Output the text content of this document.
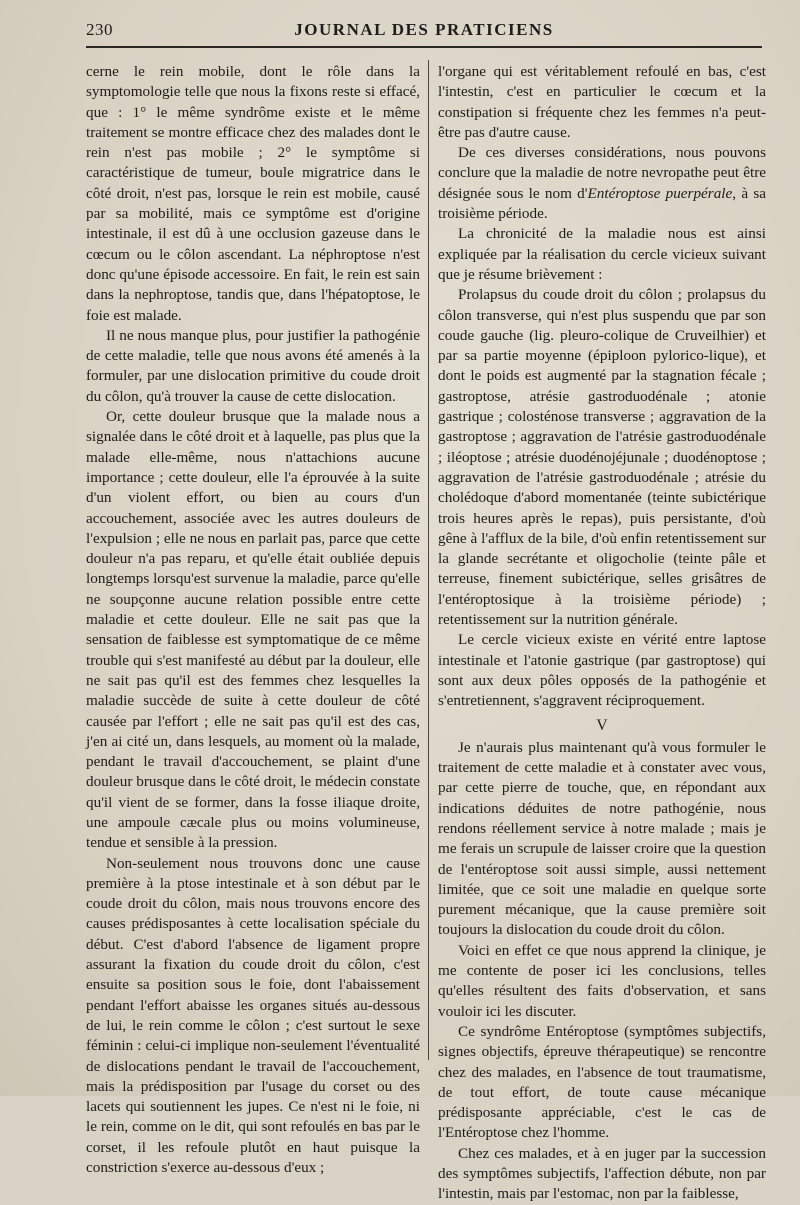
230	JOURNAL DES PRATICIENS

cerne le rein mobile, dont le rôle dans la symptomologie telle que nous la fixons reste si effacé, que : 1° le même syndrôme existe et le même traitement se montre efficace chez des malades dont le rein n'est pas mobile ; 2° le symptôme si caractéristique de tumeur, boule migratrice dans le côté droit, n'est pas, lorsque le rein est mobile, causé par sa mobilité, mais ce symptôme est d'origine intestinale, il est dû à une occlusion gazeuse dans le cœcum ou le côlon ascendant. La néphroptose n'est donc qu'une épisode accessoire. En fait, le rein est sain dans la nephroptose, tandis que, dans l'hépatoptose, le foie est malade.

Il ne nous manque plus, pour justifier la pathogénie de cette maladie, telle que nous avons été amenés à la formuler, par une dislocation primitive du coude droit du côlon, qu'à trouver la cause de cette dislocation.

Or, cette douleur brusque que la malade nous a signalée dans le côté droit et à laquelle, pas plus que la malade elle-même, nous n'attachions aucune importance ; cette douleur, elle l'a éprouvée à la suite d'un violent effort, ou bien au cours d'un accouchement, associée avec les autres douleurs de l'expulsion ; elle ne nous en parlait pas, parce que cette douleur n'a pas reparu, et qu'elle était oubliée depuis longtemps lorsqu'est survenue la maladie, parce qu'elle ne soupçonne aucune relation possible entre cette maladie et cette douleur. Elle ne sait pas que la sensation de faiblesse est symptomatique de ce même trouble qui s'est manifesté au début par la douleur, elle ne sait pas qu'il est des femmes chez lesquelles la maladie succède de suite à cette douleur de côté causée par l'effort ; elle ne sait pas qu'il est des cas, j'en ai cité un, dans lesquels, au moment où la malade, pendant le travail d'accouchement, se plaint d'une douleur brusque dans le côté droit, le médecin constate qu'il vient de se former, dans la fosse iliaque droite, une ampoule cæcale plus ou moins volumineuse, tendue et sensible à la pression.

Non-seulement nous trouvons donc une cause première à la ptose intestinale et à son début par le coude droit du côlon, mais nous trouvons encore des causes prédisposantes à cette localisation spéciale du début. C'est d'abord l'absence de ligament propre assurant la fixation du coude droit du côlon, c'est ensuite sa position sous le foie, dont l'abaissement pendant l'effort abaisse les organes situés au-dessous de lui, le rein comme le côlon ; c'est surtout le sexe féminin : celui-ci implique non-seulement l'éventualité de dislocations pendant le travail de l'accouchement, mais la prédisposition par l'usage du corset ou des lacets qui soutiennent les jupes. Ce n'est ni le foie, ni le rein, comme on le dit, qui sont refoulés en bas par le corset, il les refoule plutôt en haut puisque la constriction s'exerce au-dessous d'eux ;

l'organe qui est véritablement refoulé en bas, c'est l'intestin, c'est en particulier le cœcum et la constipation si fréquente chez les femmes n'a peut-être pas d'autre cause.

De ces diverses considérations, nous pouvons conclure que la maladie de notre nevropathe peut être désignée sous le nom d'Entéroptose puerpérale, à sa troisième période.

La chronicité de la maladie nous est ainsi expliquée par la réalisation du cercle vicieux suivant que je résume brièvement :

Prolapsus du coude droit du côlon ; prolapsus du côlon transverse, qui n'est plus suspendu que par son coude gauche (lig. pleuro-colique de Cruveilhier) et par sa partie moyenne (épiploon pylorico-lique), et dont le poids est augmenté par la stagnation fécale ; gastroptose, atrésie gastroduodénale ; atonie gastrique ; colosténose transverse ; aggravation de la gastroptose ; aggravation de l'atrésie gastroduodénale ; iléoptose ; atrésie duodénojéjunale ; duodénoptose ; aggravation de l'atrésie gastroduodénale ; atrésie du cholédoque d'abord momentanée (teinte subictérique trois heures après le repas), puis persistante, d'où gêne à l'afflux de la bile, d'où enfin retentissement sur la glande secrétante et oligocholie (teinte pâle et terreuse, finement subictérique, selles grisâtres de l'entéroptosique à la troisième période) ; retentissement sur la nutrition générale.

Le cercle vicieux existe en vérité entre laptose intestinale et l'atonie gastrique (par gastroptose) qui sont aux deux pôles opposés de la pathogénie et s'entretiennent, s'aggravent réciproquement.

V

Je n'aurais plus maintenant qu'à vous formuler le traitement de cette maladie et à constater avec vous, par cette pierre de touche, que, en répondant aux indications déduites de notre pathogénie, nous rendons réellement service à notre malade ; mais je me ferais un scrupule de laisser croire que la question de l'entéroptose soit aussi simple, aussi nettement limitée, que ce soit une maladie en quelque sorte purement mécanique, que la cause première soit toujours la dislocation du coude droit du côlon.

Voici en effet ce que nous apprend la clinique, je me contente de poser ici les conclusions, telles qu'elles résultent des faits d'observation, et sans vouloir ici les discuter.

Ce syndrôme Entéroptose (symptômes subjectifs, signes objectifs, épreuve thérapeutique) se rencontre chez des malades, en l'absence de tout traumatisme, de tout effort, de toute cause mécanique prédisposante appréciable, c'est le cas de l'Entéroptose chez l'homme.

Chez ces malades, et à en juger par la succession des symptômes subjectifs, l'affection débute, non par l'intestin, mais par l'estomac, non par la faiblesse,
